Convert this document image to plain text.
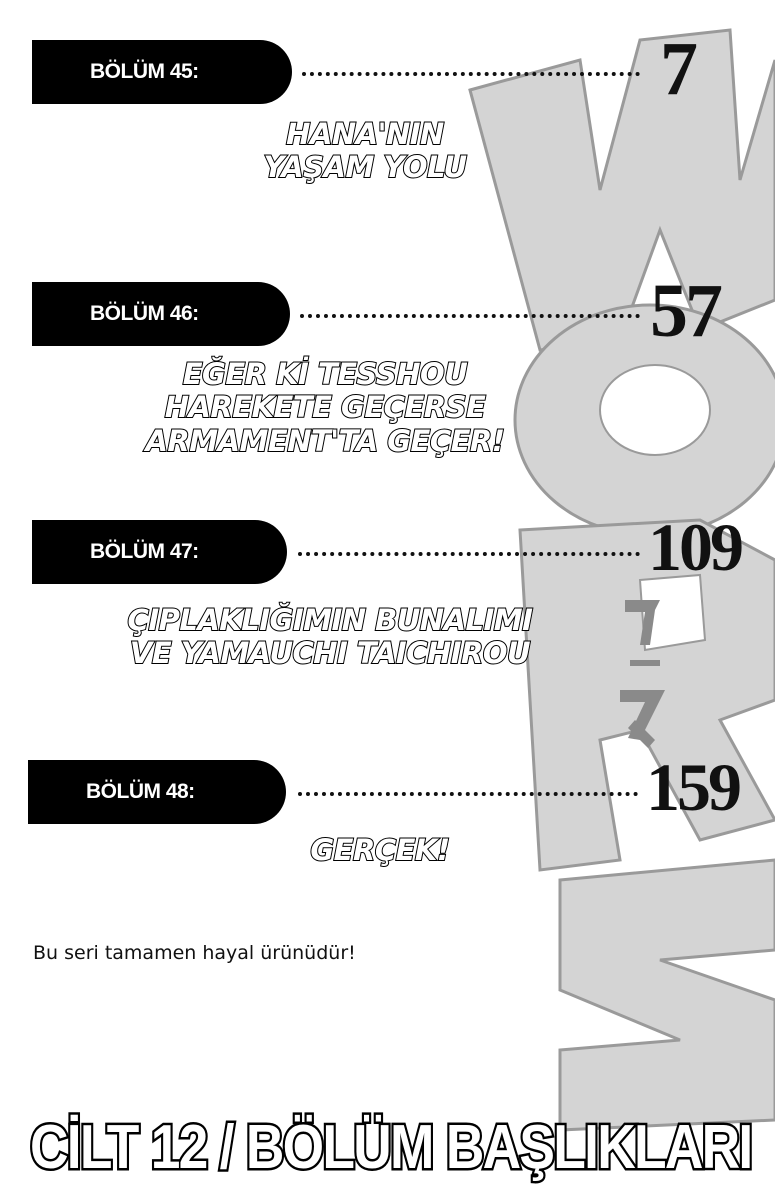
BÖLÜM 45:	7
HANA'NIN
YAŞAM YOLU
BÖLÜM 46:	57
EĞER Kİ TESSHOU
HAREKETE GEÇERSE
ARMAMENT'TA GEÇER!
BÖLÜM 47:	109
ÇIPLAKLIĞIMIN BUNALIMI
VE YAMAUCHI TAICHIROU
BÖLÜM 48:	159
GERÇEK!
Bu seri tamamen hayal ürünüdür!
CİLT 12 / BÖLÜM BAŞLIKLARI
